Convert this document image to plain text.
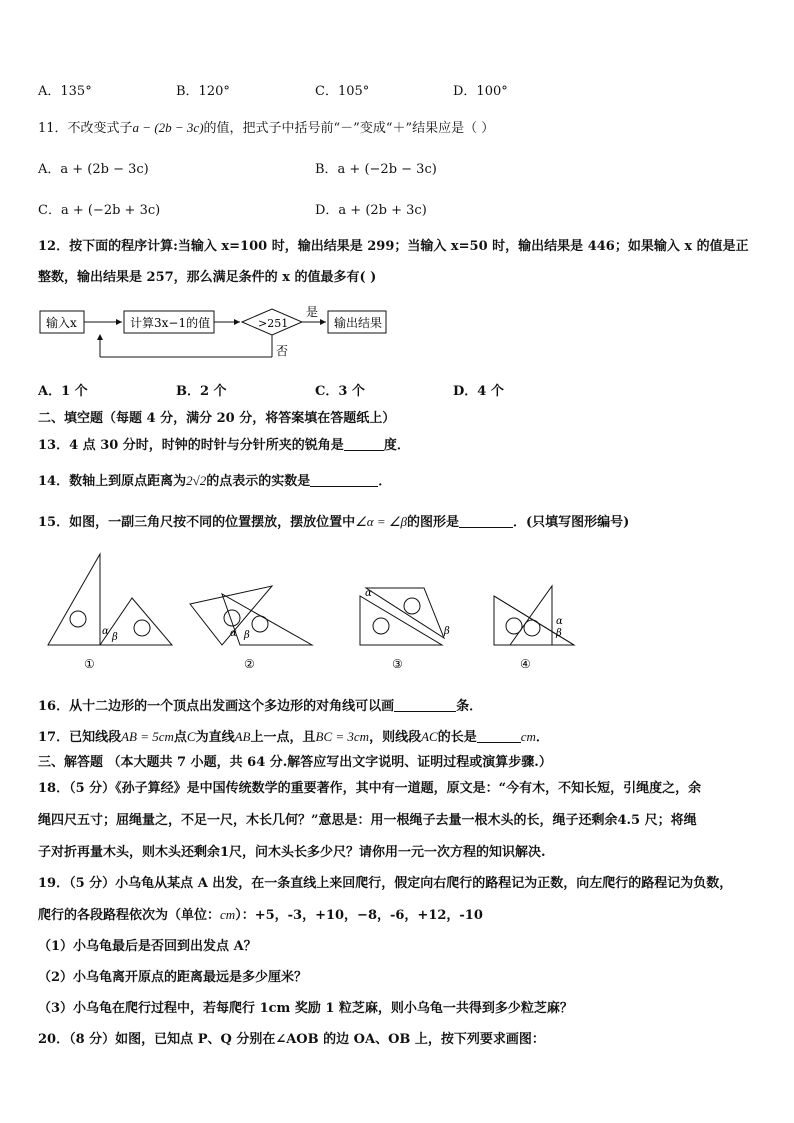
A．135°	B．120°	C．105°	D．100°
11．不改变式子a − (2b − 3c)的值，把式子中括号前“－”变成“＋”结果应是（ ）
A．a + (2b − 3c)	B．a + (−2b − 3c)
C．a + (−2b + 3c)	D．a + (2b + 3c)
12．按下面的程序计算:当输入 x=100 时，输出结果是 299；当输入 x=50 时，输出结果是 446；如果输入 x 的值是正
整数，输出结果是 257，那么满足条件的 x 的值最多有( )
输入x	计算3x−1的值	>251
是
输出结果
否
A．1 个	B．2 个	C．3 个	D．4 个
二、填空题（每题 4 分，满分 20 分，将答案填在答题纸上）
13．4 点 30 分时，时钟的时针与分针所夹的锐角是	度．
14．数轴上到原点距离为2√2的点表示的实数是	．
15．如图，一副三角尺按不同的位置摆放，摆放位置中∠α = ∠β的图形是	．(只填写图形编号)
α
β
①
α β
②
α
β
③
α
β
④
16．从十二边形的一个顶点出发画这个多边形的对角线可以画	条．
17．已知线段AB = 5cm点C为直线AB上一点，且BC = 3cm，则线段AC的长是	cm．
三、解答题 （本大题共 7 小题，共 64 分.解答应写出文字说明、证明过程或演算步骤.）
18．（5 分）《孙子算经》是中国传统数学的重要著作，其中有一道题，原文是：“今有木，不知长短，引绳度之，余
绳四尺五寸；屈绳量之，不足一尺，木长几何？”意思是：用一根绳子去量一根木头的长，绳子还剩余4.5 尺；将绳
子对折再量木头，则木头还剩余1尺，问木头长多少尺？请你用一元一次方程的知识解决.
19．（5 分）小乌龟从某点 A 出发，在一条直线上来回爬行，假定向右爬行的路程记为正数，向左爬行的路程记为负数，
爬行的各段路程依次为（单位：cm）：+5，-3，+10，−8，-6，+12，-10
（1）小乌龟最后是否回到出发点 A？
（2）小乌龟离开原点的距离最远是多少厘米？
（3）小乌龟在爬行过程中，若每爬行 1cm 奖励 1 粒芝麻，则小乌龟一共得到多少粒芝麻？
20．（8 分）如图，已知点 P、Q 分别在∠AOB 的边 OA、OB 上，按下列要求画图：
